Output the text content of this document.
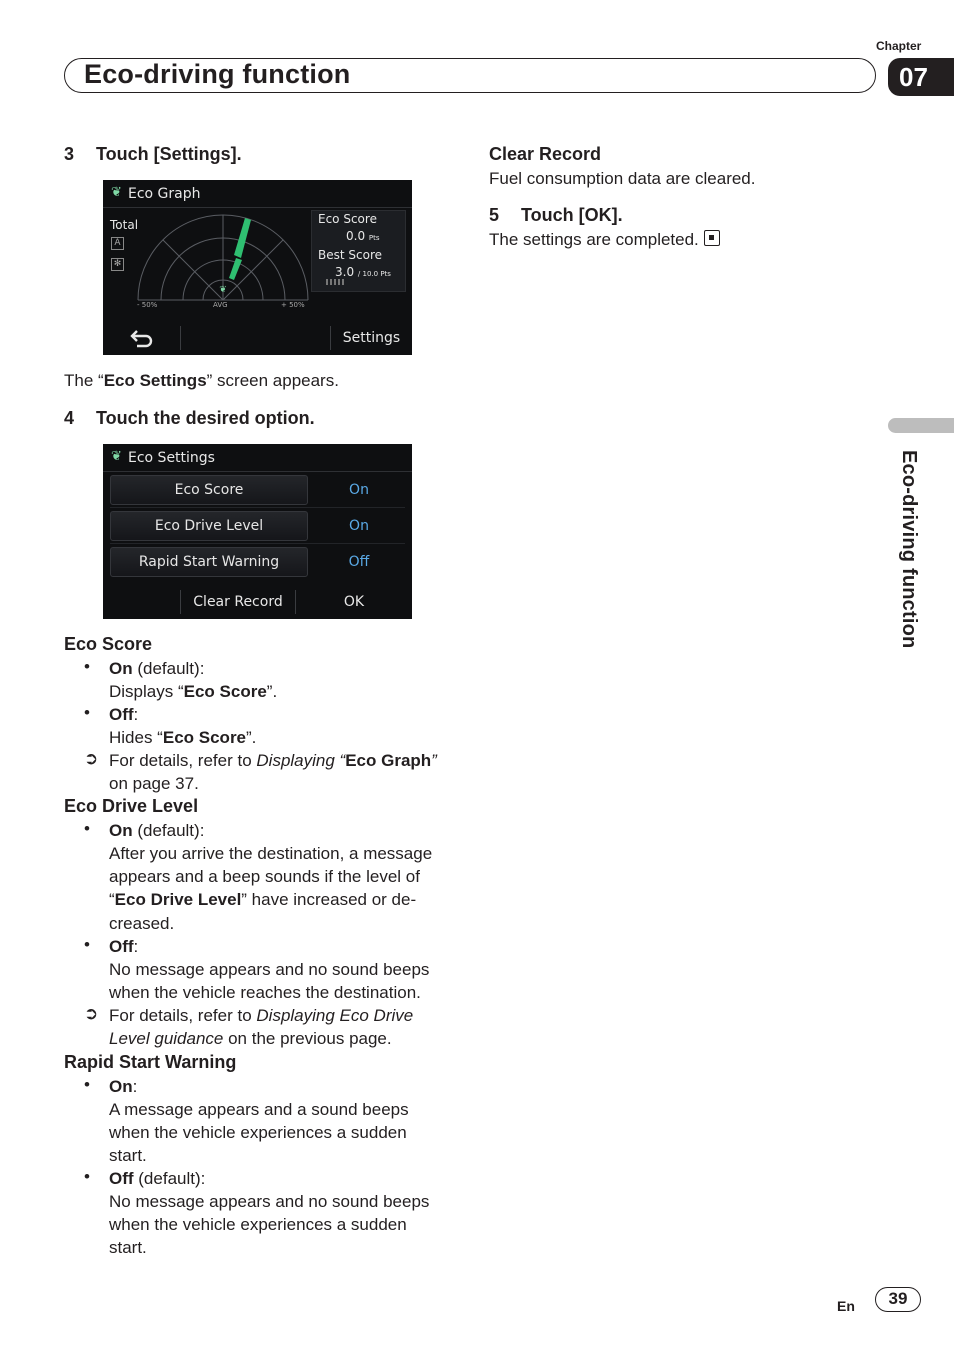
Chapter
Eco-driving function	07
Eco-driving function
3 Touch [Settings].
❦ Eco Graph
Total
A
✻
❦
Eco Score
0.0 Pts
Best Score
3.0 / 10.0 Pts
- 50%	AVG	+ 50%
Settings
The “Eco Settings” screen appears.
4 Touch the desired option.
❦ Eco Settings
Eco Score	On
Eco Drive Level	On
Rapid Start Warning	Off
Clear Record	OK
Eco Score
• On (default):
Displays “Eco Score”.
• Off:
Hides “Eco Score”.
➲ For details, refer to Displaying “Eco Graph”
on page 37.
Eco Drive Level
• On (default):
After you arrive the destination, a message
appears and a beep sounds if the level of
“Eco Drive Level” have increased or de-
creased.
• Off:
No message appears and no sound beeps
when the vehicle reaches the destination.
➲ For details, refer to Displaying Eco Drive
Level guidance on the previous page.
Rapid Start Warning
• On:
A message appears and a sound beeps
when the vehicle experiences a sudden
start.
• Off (default):
No message appears and no sound beeps
when the vehicle experiences a sudden
start.
Clear Record
Fuel consumption data are cleared.
5 Touch [OK].
The settings are completed.
En	39
